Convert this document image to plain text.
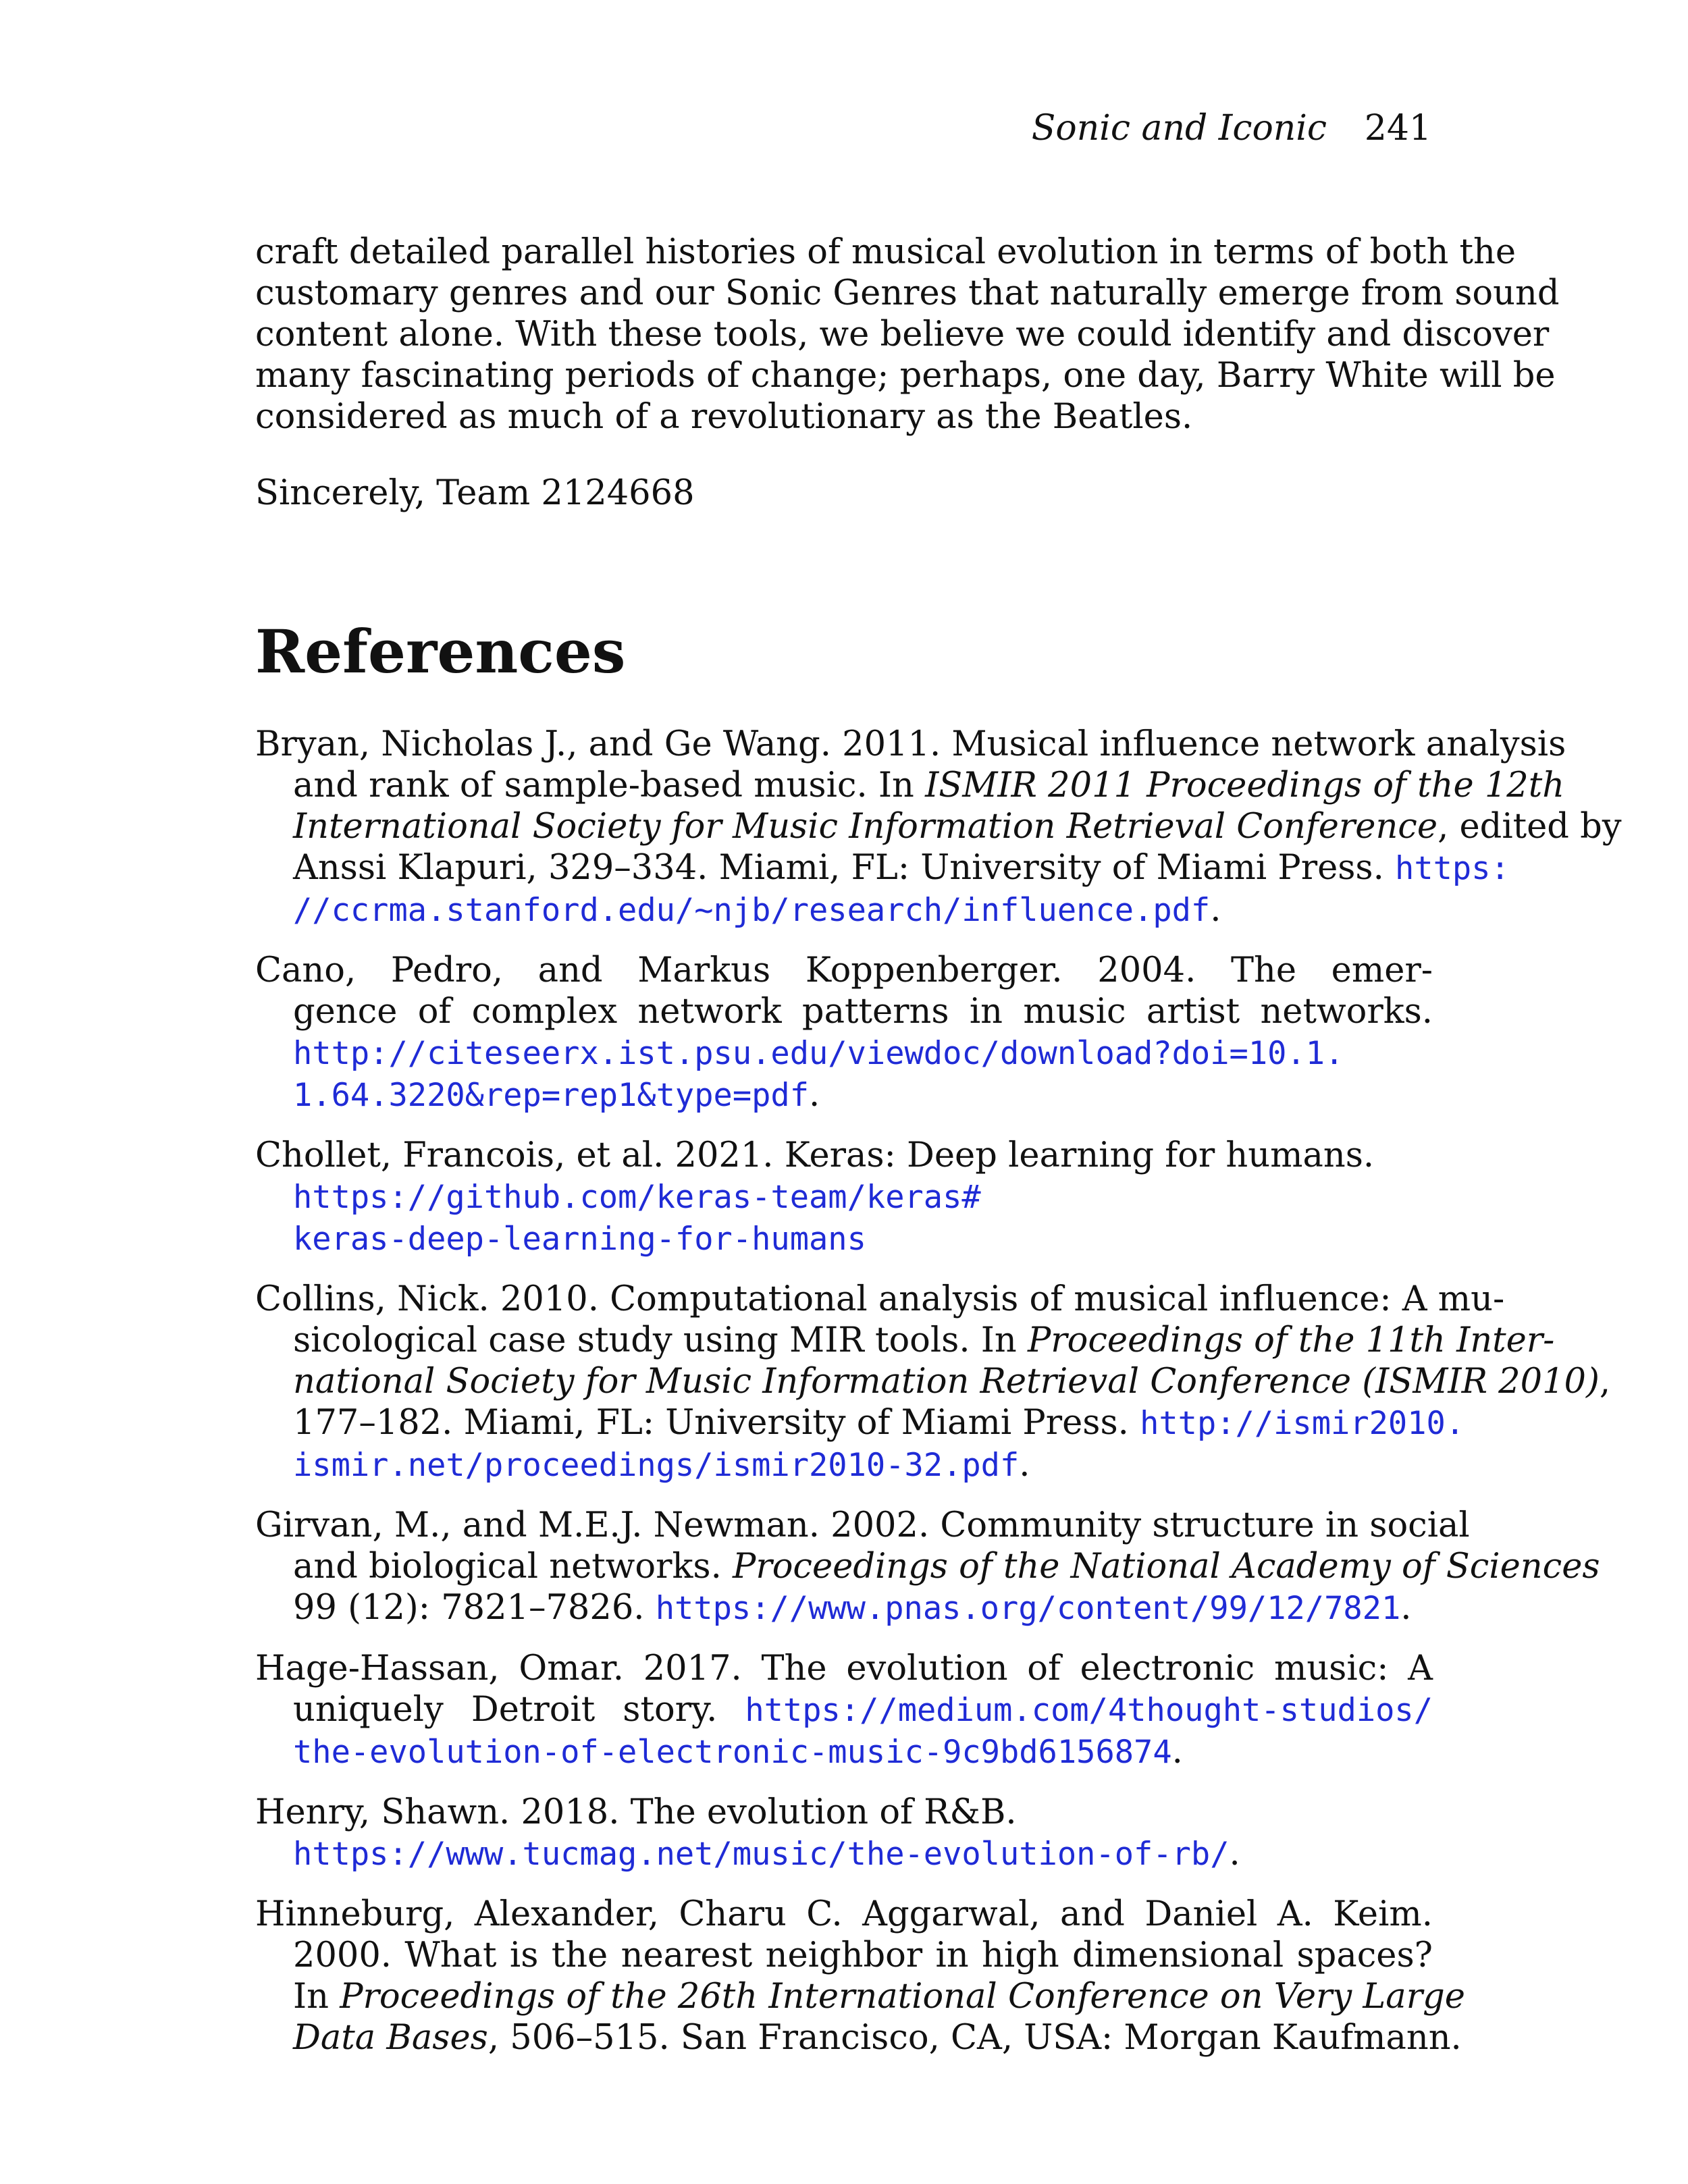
Sonic and Iconic 241
craft detailed parallel histories of musical evolution in terms of both the
customary genres and our Sonic Genres that naturally emerge from sound
content alone. With these tools, we believe we could identify and discover
many fascinating periods of change; perhaps, one day, Barry White will be
considered as much of a revolutionary as the Beatles.
Sincerely, Team 2124668
References
Bryan, Nicholas J., and Ge Wang. 2011. Musical influence network analysis
and rank of sample-based music. In ISMIR 2011 Proceedings of the 12th
International Society for Music Information Retrieval Conference, edited by
Anssi Klapuri, 329–334. Miami, FL: University of Miami Press. https:
//ccrma.stanford.edu/~njb/research/influence.pdf.
Cano, Pedro, and Markus Koppenberger. 2004. The emer-
gence of complex network patterns in music artist networks.
http://citeseerx.ist.psu.edu/viewdoc/download?doi=10.1.
1.64.3220&rep=rep1&type=pdf.
Chollet, Francois, et al. 2021. Keras: Deep learning for humans.
https://github.com/keras-team/keras#
keras-deep-learning-for-humans
Collins, Nick. 2010. Computational analysis of musical influence: A mu-
sicological case study using MIR tools. In Proceedings of the 11th Inter-
national Society for Music Information Retrieval Conference (ISMIR 2010),
177–182. Miami, FL: University of Miami Press. http://ismir2010.
ismir.net/proceedings/ismir2010-32.pdf.
Girvan, M., and M.E.J. Newman. 2002. Community structure in social
and biological networks. Proceedings of the National Academy of Sciences
99 (12): 7821–7826. https://www.pnas.org/content/99/12/7821.
Hage-Hassan, Omar. 2017. The evolution of electronic music: A
uniquely Detroit story. https://medium.com/4thought-studios/
the-evolution-of-electronic-music-9c9bd6156874.
Henry, Shawn. 2018. The evolution of R&B.
https://www.tucmag.net/music/the-evolution-of-rb/.
Hinneburg, Alexander, Charu C. Aggarwal, and Daniel A. Keim.
2000. What is the nearest neighbor in high dimensional spaces?
In Proceedings of the 26th International Conference on Very Large
Data Bases, 506–515. San Francisco, CA, USA: Morgan Kaufmann.
